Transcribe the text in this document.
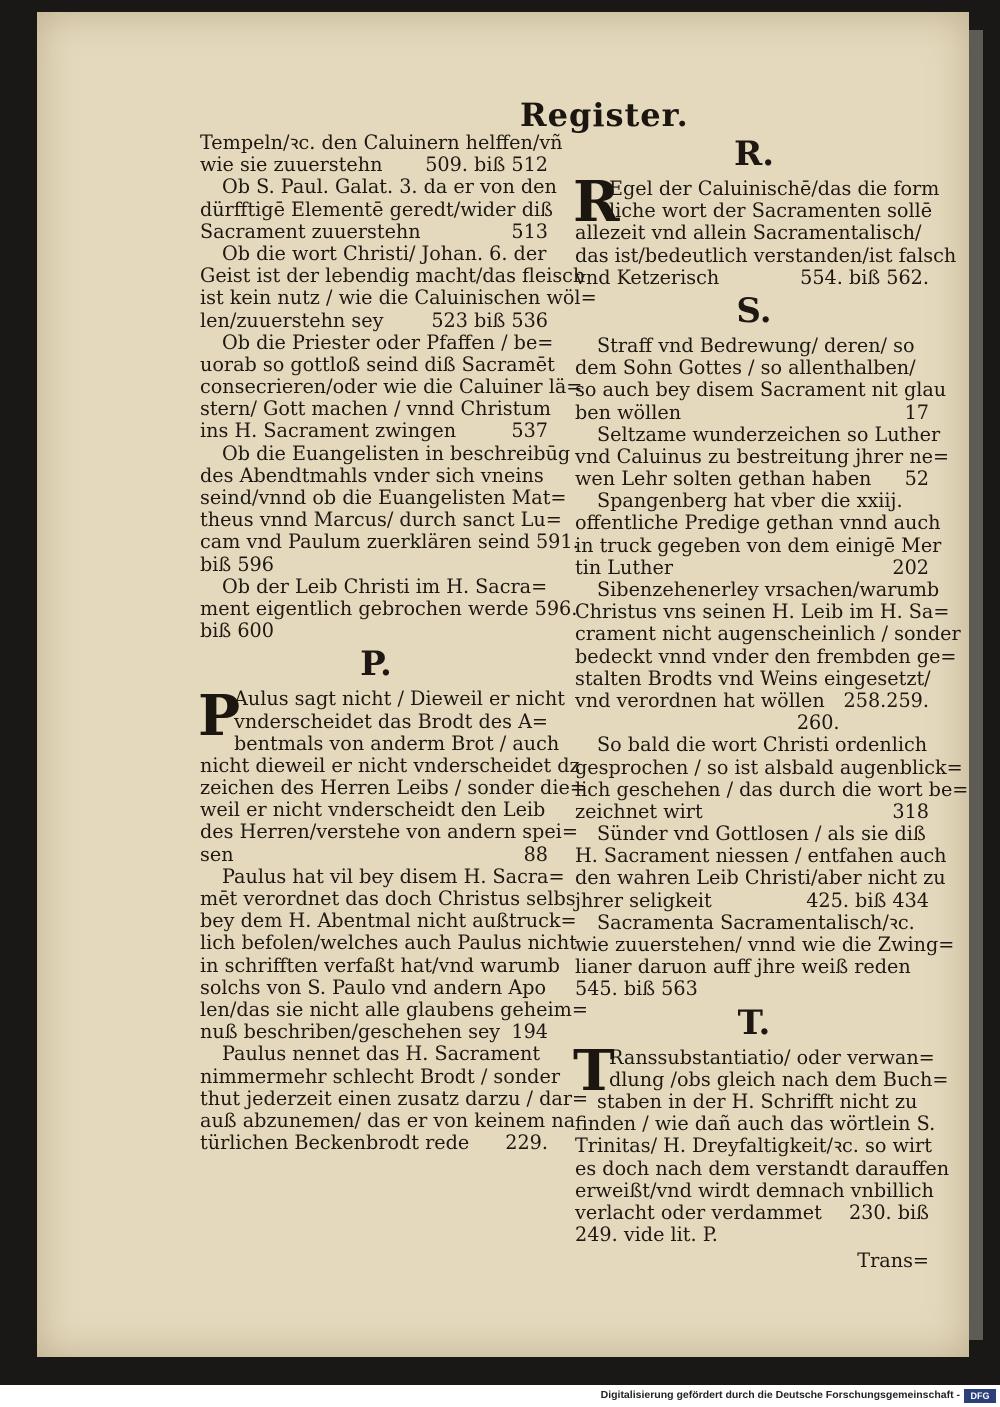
Register.
Tempeln/ꝛc. den Caluinern helffen/vñ
509. biß 512
wie sie zuuerstehn
Ob S. Paul. Galat. 3. da er von den
dürfftigē Elementē geredt/wider diß
513
Sacrament zuuerstehn
Ob die wort Christi/ Johan. 6. der
Geist ist der lebendig macht/das fleisch
ist kein nutz / wie die Caluinischen wöl=
523 biß 536
len/zuuerstehn sey
Ob die Priester oder Pfaffen / be=
uorab so gottloß seind diß Sacramēt
consecrieren/oder wie die Caluiner lä=
stern/ Gott machen / vnnd Christum
537
ins H. Sacrament zwingen
Ob die Euangelisten in beschreibūg
des Abendtmahls vnder sich vneins
seind/vnnd ob die Euangelisten Mat=
theus vnnd Marcus/ durch sanct Lu=
cam vnd Paulum zuerklären seind 591.
biß 596
Ob der Leib Christi im H. Sacra=
ment eigentlich gebrochen werde 596.
biß 600
P.
P
Aulus sagt nicht / Dieweil er nicht
vnderscheidet das Brodt des A=
bentmals von anderm Brot / auch
nicht dieweil er nicht vnderscheidet dz
zeichen des Herren Leibs / sonder die=
weil er nicht vnderscheidt den Leib
des Herren/verstehe von andern spei=
88
sen
Paulus hat vil bey disem H. Sacra=
mēt verordnet das doch Christus selbs
bey dem H. Abentmal nicht außtruck=
lich befolen/welches auch Paulus nicht
in schrifften verfaßt hat/vnd warumb
solchs von S. Paulo vnd andern Apo
len/das sie nicht alle glaubens geheim=
194
nuß beschriben/geschehen sey
Paulus nennet das H. Sacrament
nimmermehr schlecht Brodt / sonder
thut jederzeit einen zusatz darzu / dar=
auß abzunemen/ das er von keinem na
229.
türlichen Beckenbrodt rede
R.
R
Egel der Caluinischē/das die form
liche wort der Sacramenten sollē
allezeit vnd allein Sacramentalisch/
das ist/bedeutlich verstanden/ist falsch
554. biß 562.
vnd Ketzerisch
S.
Straff vnd Bedrewung/ deren/ so
dem Sohn Gottes / so allenthalben/
so auch bey disem Sacrament nit glau
17
ben wöllen
Seltzame wunderzeichen so Luther
vnd Caluinus zu bestreitung jhrer ne=
52
wen Lehr solten gethan haben
Spangenberg hat vber die xxiij.
offentliche Predige gethan vnnd auch
in truck gegeben von dem einigē Mer
202
tin Luther
Sibenzehenerley vrsachen/warumb
Christus vns seinen H. Leib im H. Sa=
crament nicht augenscheinlich / sonder
bedeckt vnnd vnder den frembden ge=
stalten Brodts vnd Weins eingesetzt/
258.259.
vnd verordnen hat wöllen
260.
So bald die wort Christi ordenlich
gesprochen / so ist alsbald augenblick=
lich geschehen / das durch die wort be=
318
zeichnet wirt
Sünder vnd Gottlosen / als sie diß
H. Sacrament niessen / entfahen auch
den wahren Leib Christi/aber nicht zu
425. biß 434
jhrer seligkeit
Sacramenta Sacramentalisch/ꝛc.
wie zuuerstehen/ vnnd wie die Zwing=
lianer daruon auff jhre weiß reden
545. biß 563
T.
T
Ranssubstantiatio/ oder verwan=
dlung /obs gleich nach dem Buch=
staben in der H. Schrifft nicht zu
finden / wie dañ auch das wörtlein S.
Trinitas/ H. Dreyfaltigkeit/ꝛc. so wirt
es doch nach dem verstandt darauffen
erweißt/vnd wirdt demnach vnbillich
230. biß
verlacht oder verdammet
249. vide lit. P.
Trans=
Digitalisierung gefördert durch die Deutsche Forschungsgemeinschaft -	DFG
